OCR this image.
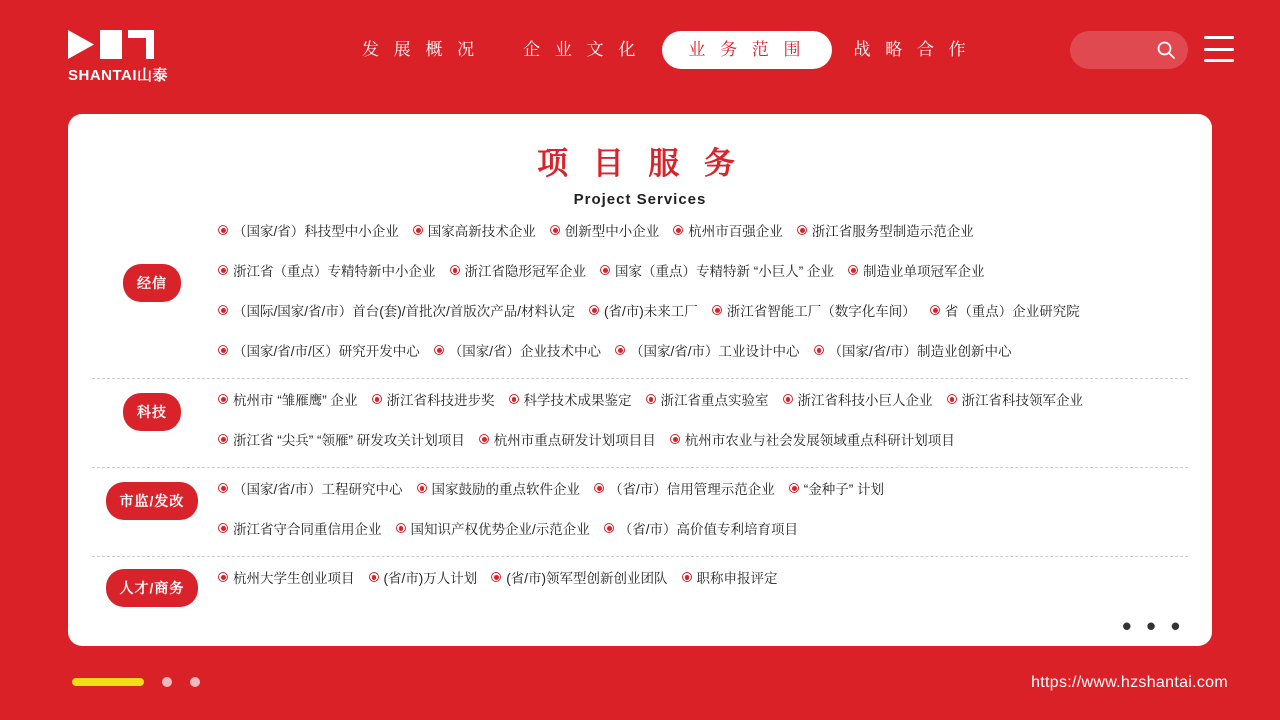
SHANTAI山泰
发 展 概 况	企 业 文 化	业 务 范 围	战 略 合 作
项 目 服 务
Project Services
经信
（国家/省）科技型中小企业 国家高新技术企业 创新型中小企业 杭州市百强企业 浙江省服务型制造示范企业
浙江省（重点）专精特新中小企业 浙江省隐形冠军企业 国家（重点）专精特新 “小巨人” 企业 制造业单项冠军企业
（国际/国家/省/市）首台(套)/首批次/首版次产品/材料认定 (省/市)未来工厂 浙江省智能工厂（数字化车间） 省（重点）企业研究院
（国家/省/市/区）研究开发中心 （国家/省）企业技术中心 （国家/省/市）工业设计中心 （国家/省/市）制造业创新中心
科技
杭州市 “雏雁鹰” 企业 浙江省科技进步奖 科学技术成果鉴定 浙江省重点实验室 浙江省科技小巨人企业 浙江省科技领军企业
浙江省 “尖兵” “领雁” 研发攻关计划项目 杭州市重点研发计划项目目 杭州市农业与社会发展领域重点科研计划项目
市监/发改
（国家/省/市）工程研究中心 国家鼓励的重点软件企业 （省/市）信用管理示范企业 “金种子” 计划
浙江省守合同重信用企业 国知识产权优势企业/示范企业 （省/市）高价值专利培育项目
人才/商务
杭州大学生创业项目 (省/市)万人计划 (省/市)领军型创新创业团队 职称申报评定
• • •
https://www.hzshantai.com
